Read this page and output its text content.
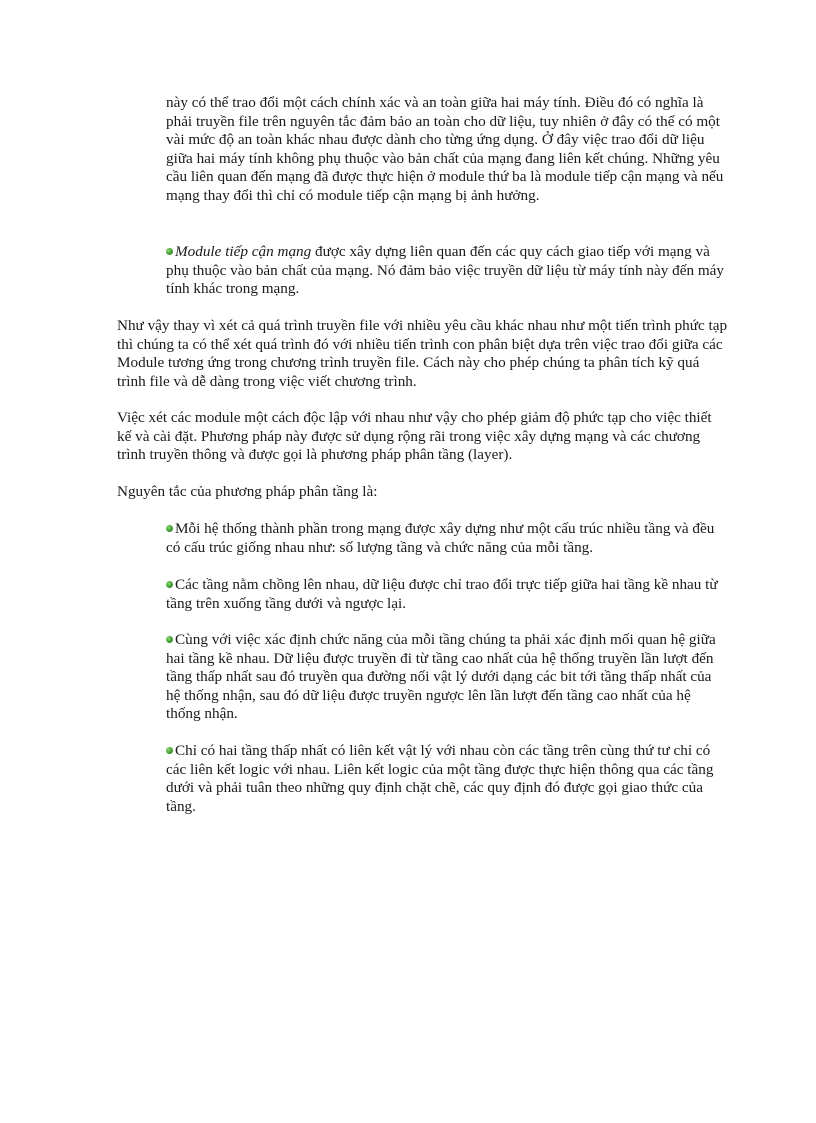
này có thể trao đổi một cách chính xác và an toàn giữa hai máy tính. Điều đó có nghĩa là phải truyền file trên nguyên tắc đảm bảo an toàn cho dữ liệu, tuy nhiên ở đây có thể có một vài mức độ an toàn khác nhau được dành cho từng ứng dụng. Ở đây việc trao đổi dữ liệu giữa hai máy tính không phụ thuộc vào bản chất của mạng đang liên kết chúng. Những yêu cầu liên quan đến mạng đã được thực hiện ở module thứ ba là module tiếp cận mạng và nếu mạng thay đổi thì chỉ có module tiếp cận mạng bị ảnh hưởng.

Module tiếp cận mạng được xây dựng liên quan đến các quy cách giao tiếp với mạng và phụ thuộc vào bản chất của mạng. Nó đảm bảo việc truyền dữ liệu từ máy tính này đến máy tính khác trong mạng.

Như vậy thay vì xét cả quá trình truyền file với nhiều yêu cầu khác nhau như một tiến trình phức tạp thì chúng ta có thể xét quá trình đó với nhiều tiến trình con phân biệt dựa trên việc trao đổi giữa các Module tương ứng trong chương trình truyền file. Cách này cho phép chúng ta phân tích kỹ quá trình file và dễ dàng trong việc viết chương trình.

Việc xét các module một cách độc lập với nhau như vậy cho phép giảm độ phức tạp cho việc thiết kế và cài đặt. Phương pháp này được sử dụng rộng rãi trong việc xây dựng mạng và các chương trình truyền thông và được gọi là phương pháp phân tầng (layer).

Nguyên tắc của phương pháp phân tầng là:

Mỗi hệ thống thành phần trong mạng được xây dựng như một cấu trúc nhiều tầng và đều có cấu trúc giống nhau như: số lượng tầng và chức năng của mỗi tầng.

Các tầng nằm chồng lên nhau, dữ liệu được chỉ trao đổi trực tiếp giữa hai tầng kề nhau từ tầng trên xuống tầng dưới và ngược lại.

Cùng với việc xác định chức năng của mỗi tầng chúng ta phải xác định mối quan hệ giữa hai tầng kề nhau. Dữ liệu được truyền đi từ tầng cao nhất của hệ thống truyền lần lượt đến tầng thấp nhất sau đó truyền qua đường nối vật lý dưới dạng các bit tới tầng thấp nhất của hệ thống nhận, sau đó dữ liệu được truyền ngược lên lần lượt đến tầng cao nhất của hệ thống nhận.

Chỉ có hai tầng thấp nhất có liên kết vật lý với nhau còn các tầng trên cùng thứ tư chỉ có các liên kết logic với nhau. Liên kết logic của một tầng được thực hiện thông qua các tầng dưới và phải tuân theo những quy định chặt chẽ, các quy định đó được gọi giao thức của tầng.
